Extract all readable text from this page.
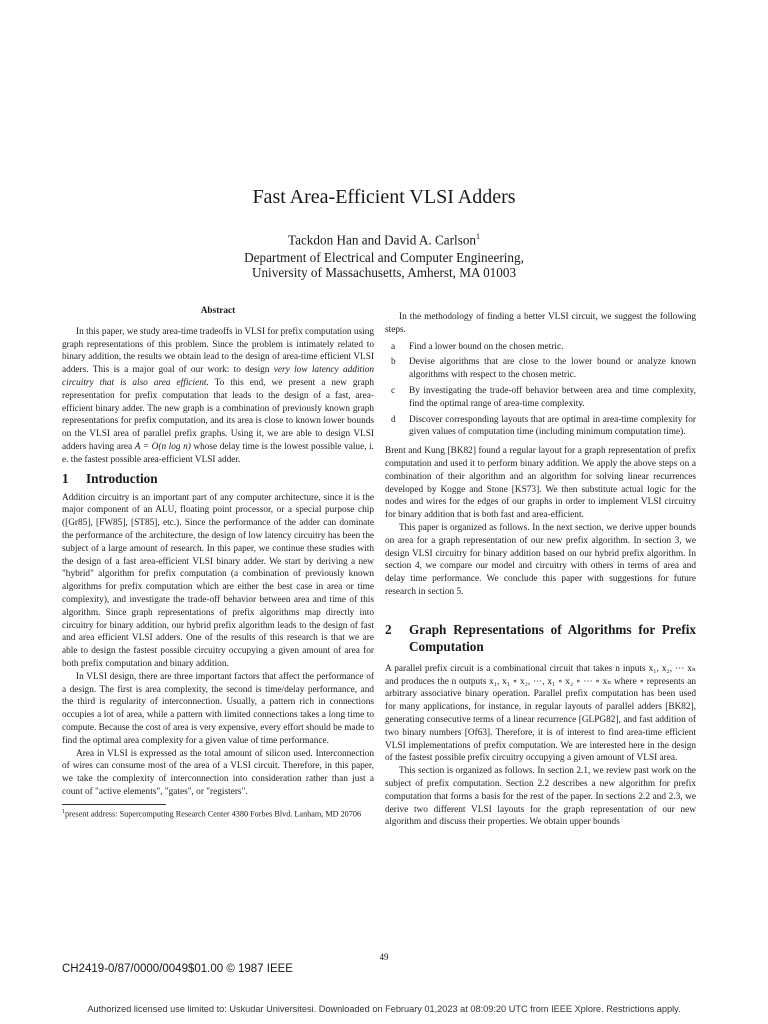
Fast Area-Efficient VLSI Adders
Tackdon Han and David A. Carlson$^1$
Department of Electrical and Computer Engineering,
University of Massachusetts, Amherst, MA 01003
Abstract

In this paper, we study area-time tradeoffs in VLSI for prefix computation using graph representations of this problem. Since the problem is intimately related to binary addition, the results we obtain lead to the design of area-time efficient VLSI adders. This is a major goal of our work: to design very low latency addition circuitry that is also area efficient. To this end, we present a new graph representation for prefix computation that leads to the design of a fast, area-efficient binary adder. The new graph is a combination of previously known graph representations for prefix computation, and its area is close to known lower bounds on the VLSI area of parallel prefix graphs. Using it, we are able to design VLSI adders having area A = O(n log n) whose delay time is the lowest possible value, i. e. the fastest possible area-efficient VLSI adder.

1	Introduction

Addition circuitry is an important part of any computer architecture, since it is the major component of an ALU, floating point processor, or a special purpose chip ([Gr85], [FW85], [ST85], etc.). Since the performance of the adder can dominate the performance of the architecture, the design of low latency circuitry has been the subject of a large amount of research. In this paper, we continue these studies with the design of a fast area-efficient VLSI binary adder. We start by deriving a new "hybrid" algorithm for prefix computation (a combination of previously known algorithms for prefix computation which are either the best case in area or time complexity), and investigate the trade-off behavior between area and time of this algorithm. Since graph representations of prefix algorithms map directly into circuitry for binary addition, our hybrid prefix algorithm leads to the design of fast and area efficient VLSI adders. One of the results of this research is that we are able to design the fastest possible circuitry occupying a given amount of area for both prefix computation and binary addition.

In VLSI design, there are three important factors that affect the performance of a design. The first is area complexity, the second is time/delay performance, and the third is regularity of interconnection. Usually, a pattern rich in connections occupies a lot of area, while a pattern with limited connections takes a long time to compute. Because the cost of area is very expensive, every effort should be made to find the optimal area complexity for a given value of time performance.

Area in VLSI is expressed as the total amount of silicon used. Interconnection of wires can consume most of the area of a VLSI circuit. Therefore, in this paper, we take the complexity of interconnection into consideration rather than just a count of "active elements", "gates", or "registers".

$^1$present address: Supercomputing Research Center 4380 Forbes Blvd. Lanham, MD 20706

In the methodology of finding a better VLSI circuit, we suggest the following steps.

a	Find a lower bound on the chosen metric.
b	Devise algorithms that are close to the lower bound or analyze known algorithms with respect to the chosen metric.
c	By investigating the trade-off behavior between area and time complexity, find the optimal range of area-time complexity.
d	Discover corresponding layouts that are optimal in area-time complexity for given values of computation time (including minimum computation time).

Brent and Kung [BK82] found a regular layout for a graph representation of prefix computation and used it to perform binary addition. We apply the above steps on a combination of their algorithm and an algorithm for solving linear recurrences developed by Kogge and Stone [KS73]. We then substitute actual logic for the nodes and wires for the edges of our graphs in order to implement VLSI circuitry for binary addition that is both fast and area-efficient.

This paper is organized as follows. In the next section, we derive upper bounds on area for a graph representation of our new prefix algorithm. In section 3, we design VLSI circuitry for binary addition based on our hybrid prefix algorithm. In section 4, we compare our model and circuitry with others in terms of area and delay time performance. We conclude this paper with suggestions for future research in section 5.

2	Graph Representations of Algorithms for Prefix Computation

A parallel prefix circuit is a combinational circuit that takes n inputs x₁, x₂, ··· xₙ and produces the n outputs x₁, x₁ ∘ x₂, ···, x₁ ∘ x₂ ∘ ··· ∘ xₙ where ∘ represents an arbitrary associative binary operation. Parallel prefix computation has been used for many applications, for instance, in regular layouts of parallel adders [BK82], generating consecutive terms of a linear recurrence [GLPG82], and fast addition of two binary numbers [Of63]. Therefore, it is of interest to find area-time efficient VLSI implementations of prefix computation. We are interested here in the design of the fastest possible prefix circuitry occupying a given amount of VLSI area.

This section is organized as follows. In section 2.1, we review past work on the subject of prefix computation. Section 2.2 describes a new algorithm for prefix computation that forms a basis for the rest of the paper. In sections 2.2 and 2.3, we derive two different VLSI layouts for the graph representation of our new algorithm and discuss their properties. We obtain upper bounds

49
CH2419-0/87/0000/0049$01.00 © 1987 IEEE
Authorized licensed use limited to: Uskudar Universitesi. Downloaded on February 01,2023 at 08:09:20 UTC from IEEE Xplore. Restrictions apply.
